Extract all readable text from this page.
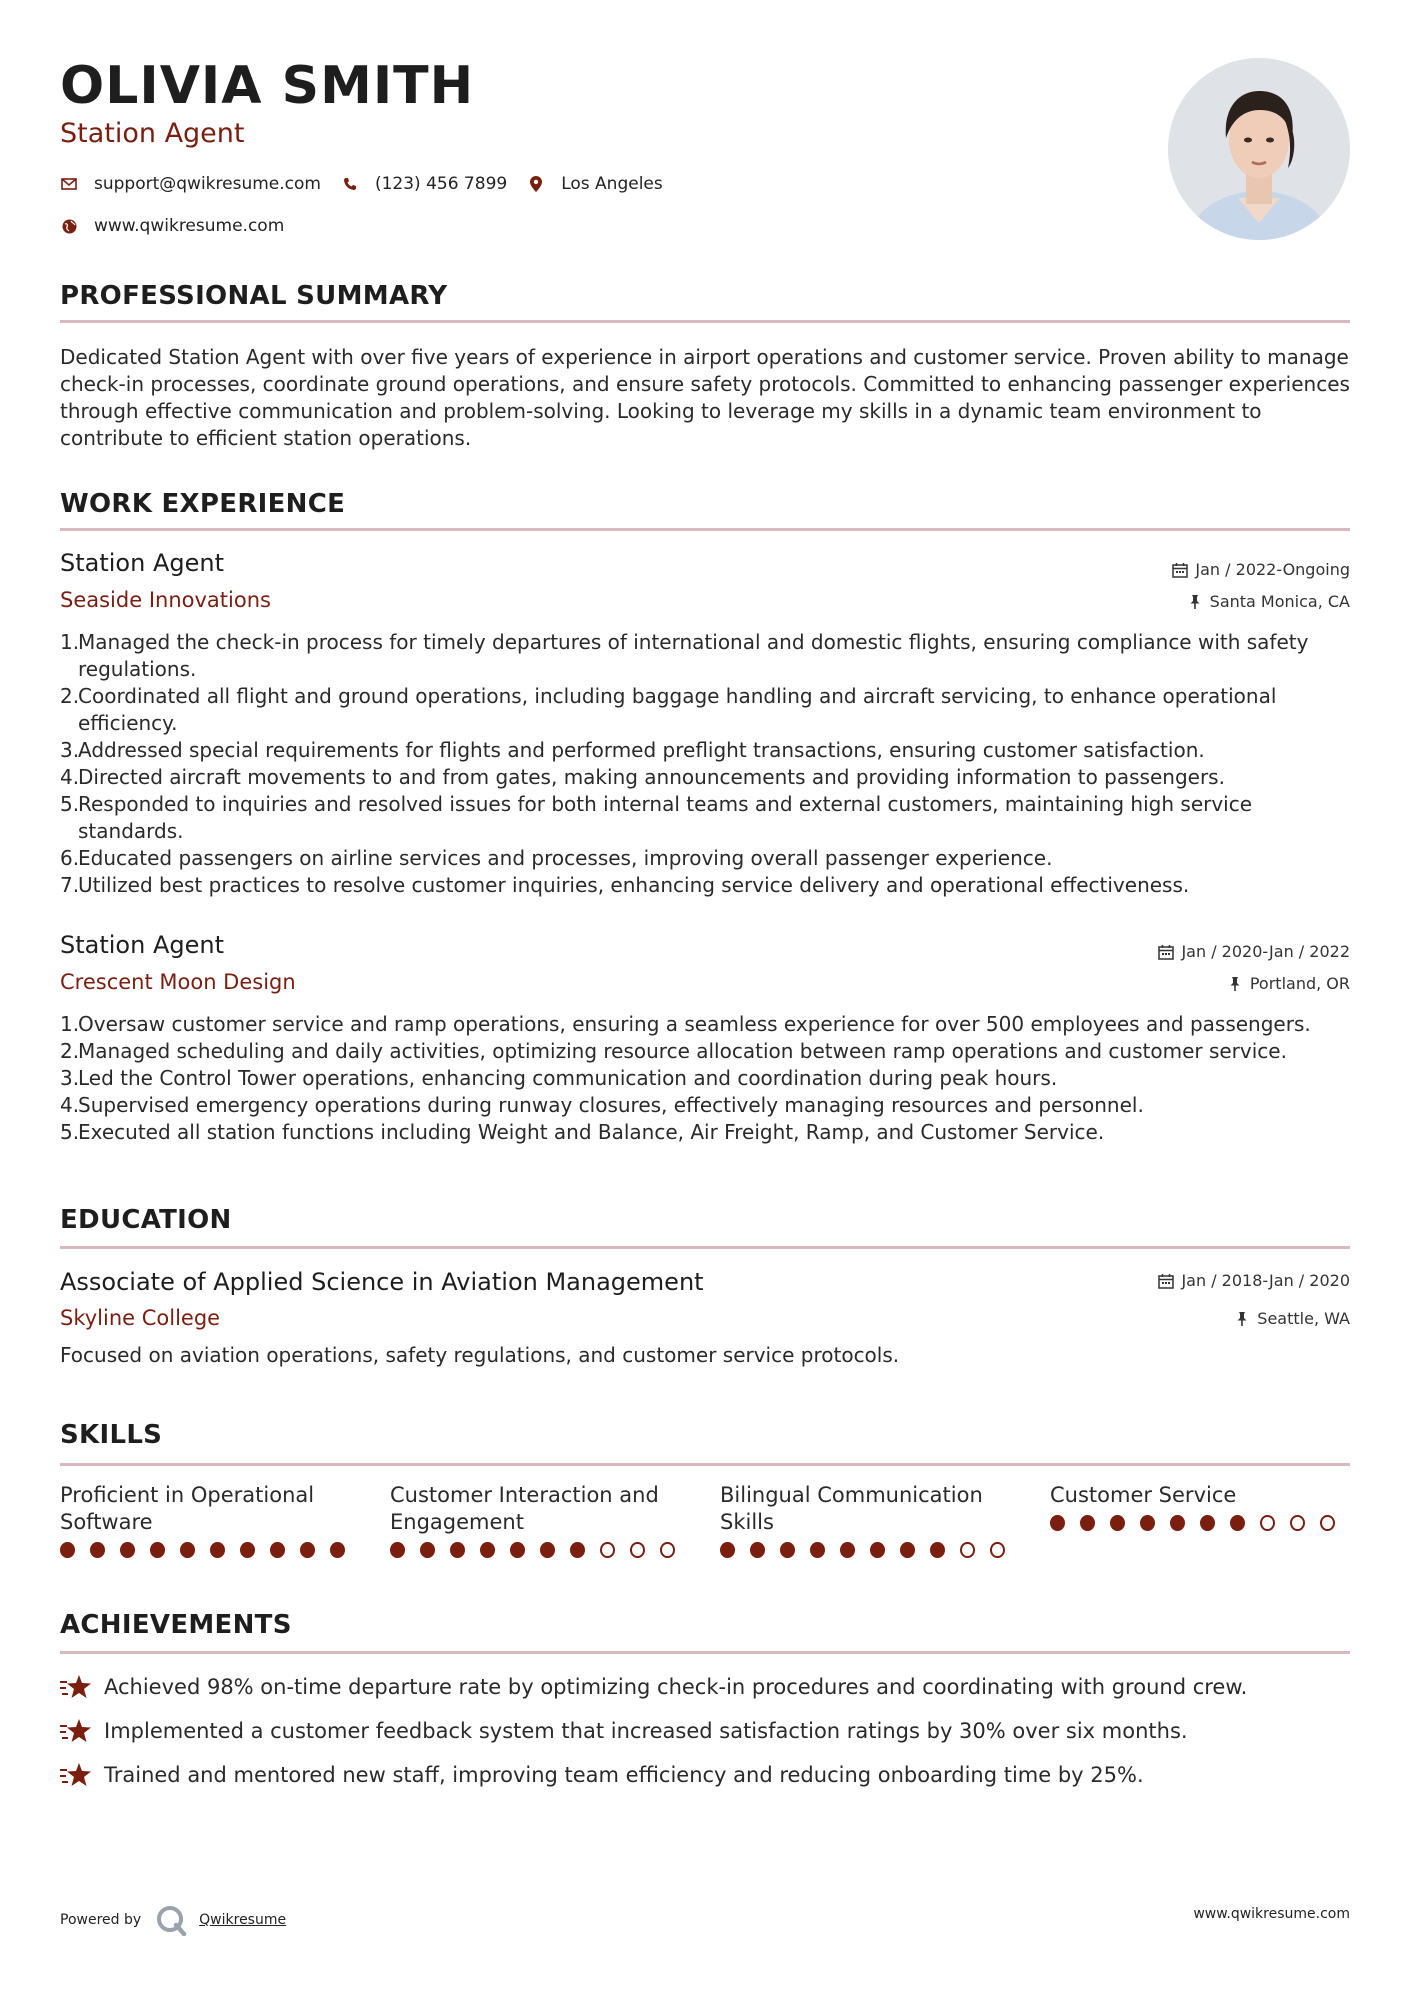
OLIVIA SMITH
Station Agent
support@qwikresume.com	(123) 456 7899	Los Angeles
www.qwikresume.com
PROFESSIONAL SUMMARY
Dedicated Station Agent with over five years of experience in airport operations and customer service. Proven ability to manage check-in processes, coordinate ground operations, and ensure safety protocols. Committed to enhancing passenger experiences through effective communication and problem-solving. Looking to leverage my skills in a dynamic team environment to contribute to efficient station operations.
WORK EXPERIENCE
Station Agent	Jan / 2022-Ongoing
Seaside Innovations	Santa Monica, CA
Managed the check-in process for timely departures of international and domestic flights, ensuring compliance with safety regulations.
Coordinated all flight and ground operations, including baggage handling and aircraft servicing, to enhance operational efficiency.
Addressed special requirements for flights and performed preflight transactions, ensuring customer satisfaction.
Directed aircraft movements to and from gates, making announcements and providing information to passengers.
Responded to inquiries and resolved issues for both internal teams and external customers, maintaining high service standards.
Educated passengers on airline services and processes, improving overall passenger experience.
Utilized best practices to resolve customer inquiries, enhancing service delivery and operational effectiveness.
Station Agent	Jan / 2020-Jan / 2022
Crescent Moon Design	Portland, OR
Oversaw customer service and ramp operations, ensuring a seamless experience for over 500 employees and passengers.
Managed scheduling and daily activities, optimizing resource allocation between ramp operations and customer service.
Led the Control Tower operations, enhancing communication and coordination during peak hours.
Supervised emergency operations during runway closures, effectively managing resources and personnel.
Executed all station functions including Weight and Balance, Air Freight, Ramp, and Customer Service.
EDUCATION
Associate of Applied Science in Aviation Management	Jan / 2018-Jan / 2020
Skyline College	Seattle, WA
Focused on aviation operations, safety regulations, and customer service protocols.
SKILLS
Proficient in Operational Software
Customer Interaction and Engagement
Bilingual Communication Skills
Customer Service
ACHIEVEMENTS
Achieved 98% on-time departure rate by optimizing check-in procedures and coordinating with ground crew.
Implemented a customer feedback system that increased satisfaction ratings by 30% over six months.
Trained and mentored new staff, improving team efficiency and reducing onboarding time by 25%.
Powered by	Qwikresume	www.qwikresume.com
